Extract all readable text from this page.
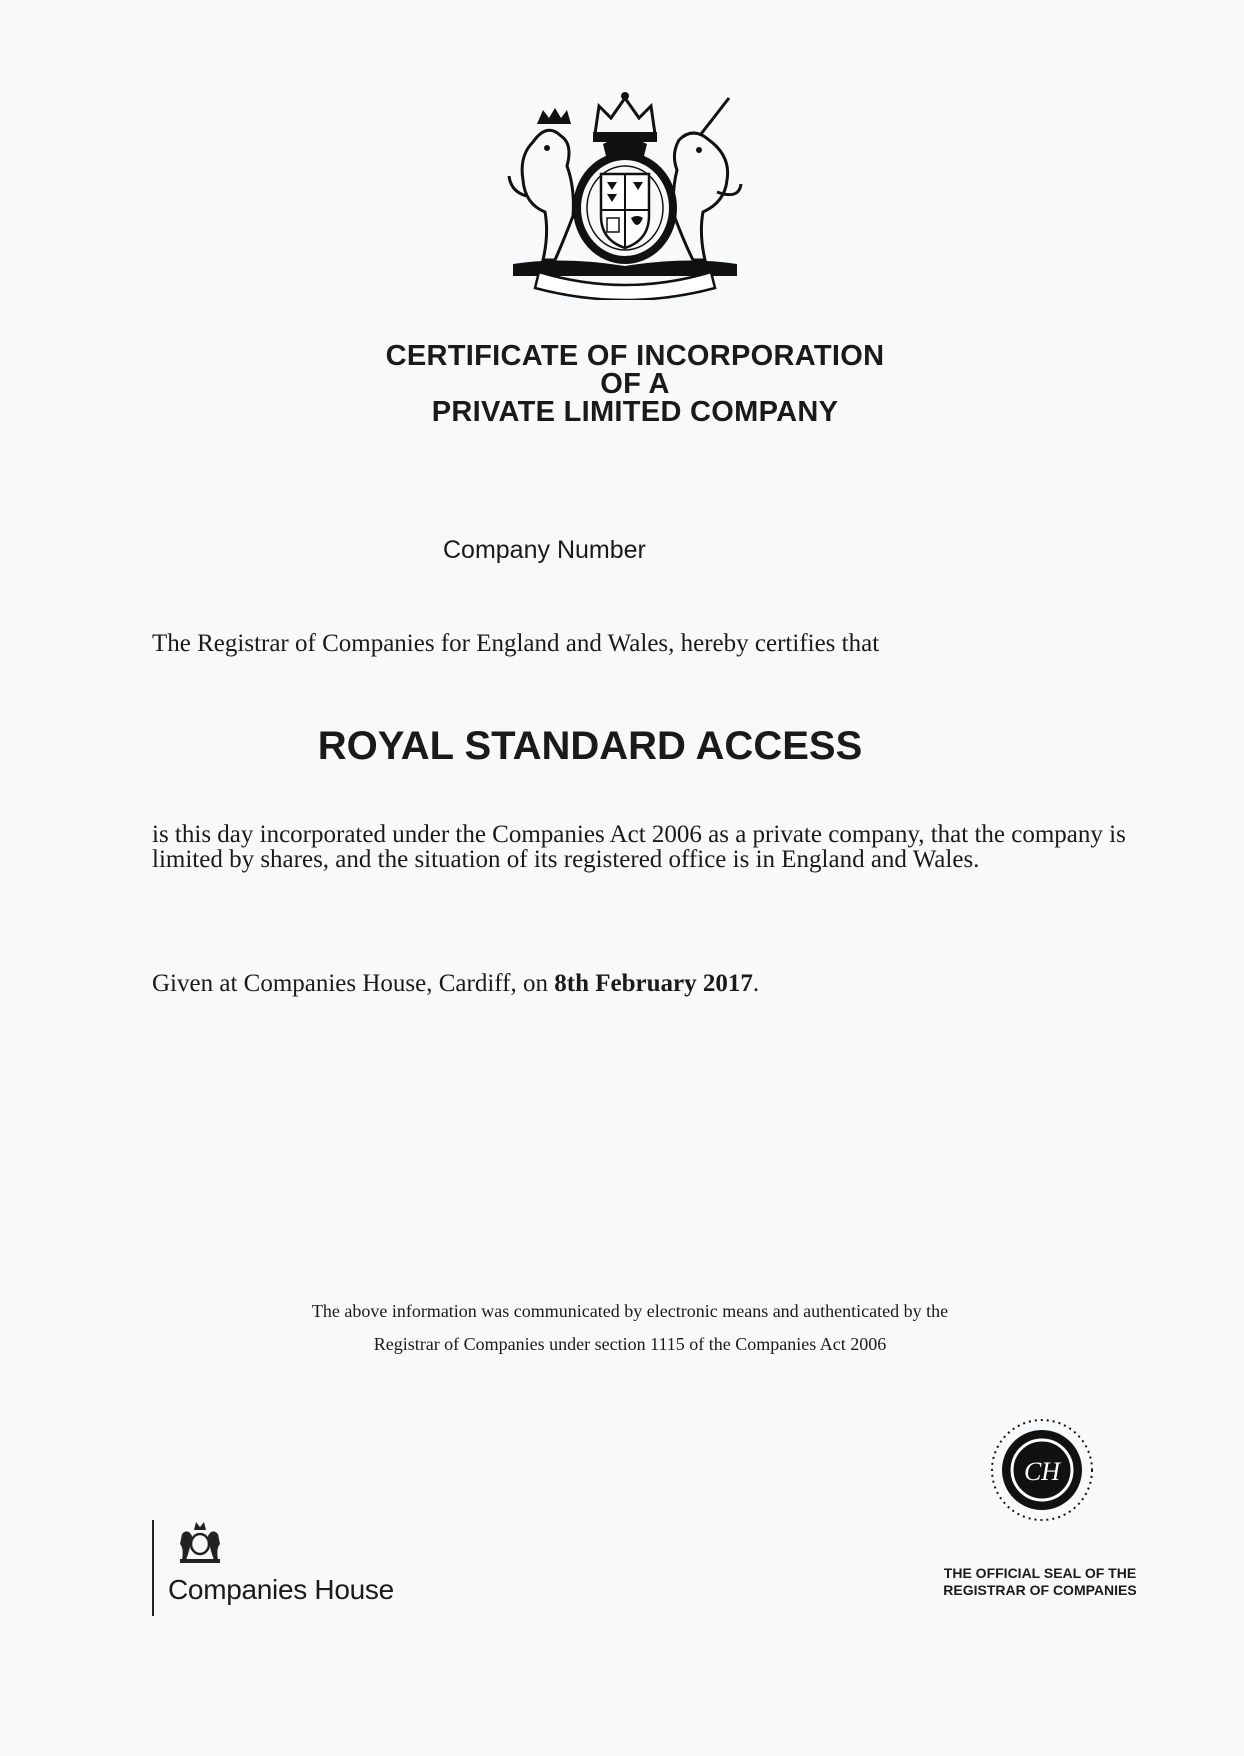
CERTIFICATE OF INCORPORATION
OF A
PRIVATE LIMITED COMPANY
Company Number
The Registrar of Companies for England and Wales, hereby certifies that
ROYAL STANDARD ACCESS
is this day incorporated under the Companies Act 2006 as a private company, that the company is limited by shares, and the situation of its registered office is in England and Wales.
Given at Companies House, Cardiff, on 8th February 2017.
The above information was communicated by electronic means and authenticated by the
Registrar of Companies under section 1115 of the Companies Act 2006
Companies House
CH
THE OFFICIAL SEAL OF THE
REGISTRAR OF COMPANIES
